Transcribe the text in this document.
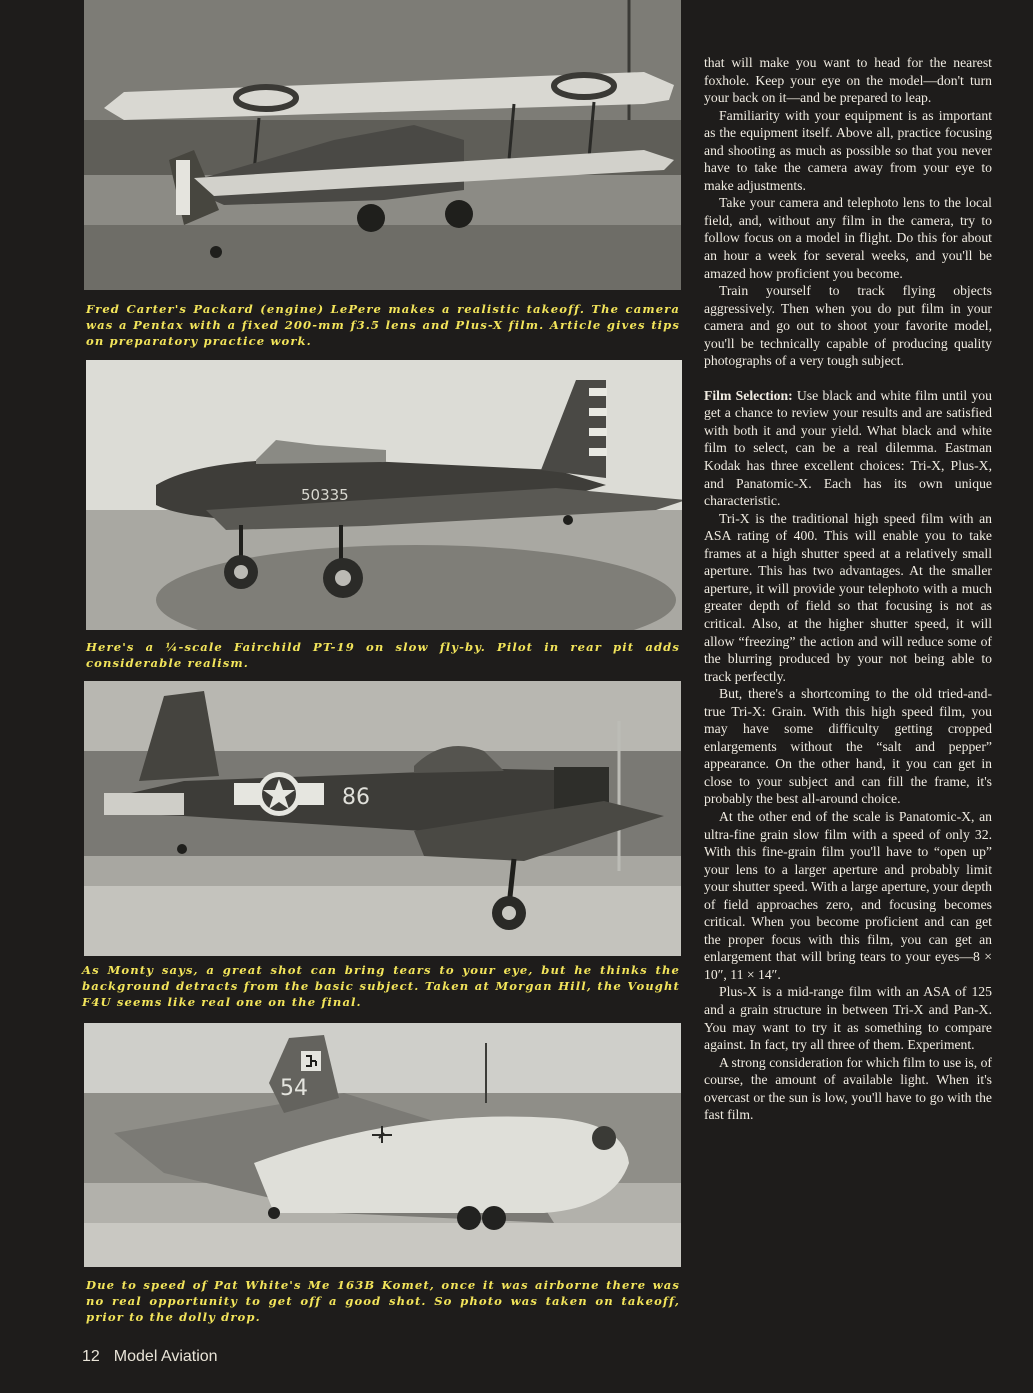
Fred Carter's Packard (engine) LePere makes a realistic takeoff. The camera was a Pentax with a fixed 200-mm f3.5 lens and Plus-X film. Article gives tips on preparatory practice work.

50335

Here's a ¼-scale Fairchild PT-19 on slow fly-by. Pilot in rear pit adds considerable realism.

86

As Monty says, a great shot can bring tears to your eye, but he thinks the background detracts from the basic subject. Taken at Morgan Hill, the Vought F4U seems like real one on the final.

54

Due to speed of Pat White's Me 163B Komet, once it was airborne there was no real opportunity to get off a good shot. So photo was taken on takeoff, prior to the dolly drop.

that will make you want to head for the nearest foxhole. Keep your eye on the model—don't turn your back on it—and be prepared to leap.

Familiarity with your equipment is as important as the equipment itself. Above all, practice focusing and shooting as much as possible so that you never have to take the camera away from your eye to make adjustments.

Take your camera and telephoto lens to the local field, and, without any film in the camera, try to follow focus on a model in flight. Do this for about an hour a week for several weeks, and you'll be amazed how proficient you become.

Train yourself to track flying objects aggressively. Then when you do put film in your camera and go out to shoot your favorite model, you'll be technically capable of producing quality photographs of a very tough subject.

Film Selection: Use black and white film until you get a chance to review your results and are satisfied with both it and your yield. What black and white film to select, can be a real dilemma. Eastman Kodak has three excellent choices: Tri-X, Plus-X, and Panatomic-X. Each has its own unique characteristic.

Tri-X is the traditional high speed film with an ASA rating of 400. This will enable you to take frames at a high shutter speed at a relatively small aperture. This has two advantages. At the smaller aperture, it will provide your telephoto with a much greater depth of field so that focusing is not as critical. Also, at the higher shutter speed, it will allow “freezing” the action and will reduce some of the blurring produced by your not being able to track perfectly.

But, there's a shortcoming to the old tried-and-true Tri-X: Grain. With this high speed film, you may have some difficulty getting cropped enlargements without the “salt and pepper” appearance. On the other hand, it you can get in close to your subject and can fill the frame, it's probably the best all-around choice.

At the other end of the scale is Panatomic-X, an ultra-fine grain slow film with a speed of only 32. With this fine-grain film you'll have to “open up” your lens to a larger aperture and probably limit your shutter speed. With a large aperture, your depth of field approaches zero, and focusing becomes critical. When you become proficient and can get the proper focus with this film, you can get an enlargement that will bring tears to your eyes—8 × 10″, 11 × 14″.

Plus-X is a mid-range film with an ASA of 125 and a grain structure in between Tri-X and Pan-X. You may want to try it as something to compare against. In fact, try all three of them. Experiment.

A strong consideration for which film to use is, of course, the amount of available light. When it's overcast or the sun is low, you'll have to go with the fast film.

12 Model Aviation
